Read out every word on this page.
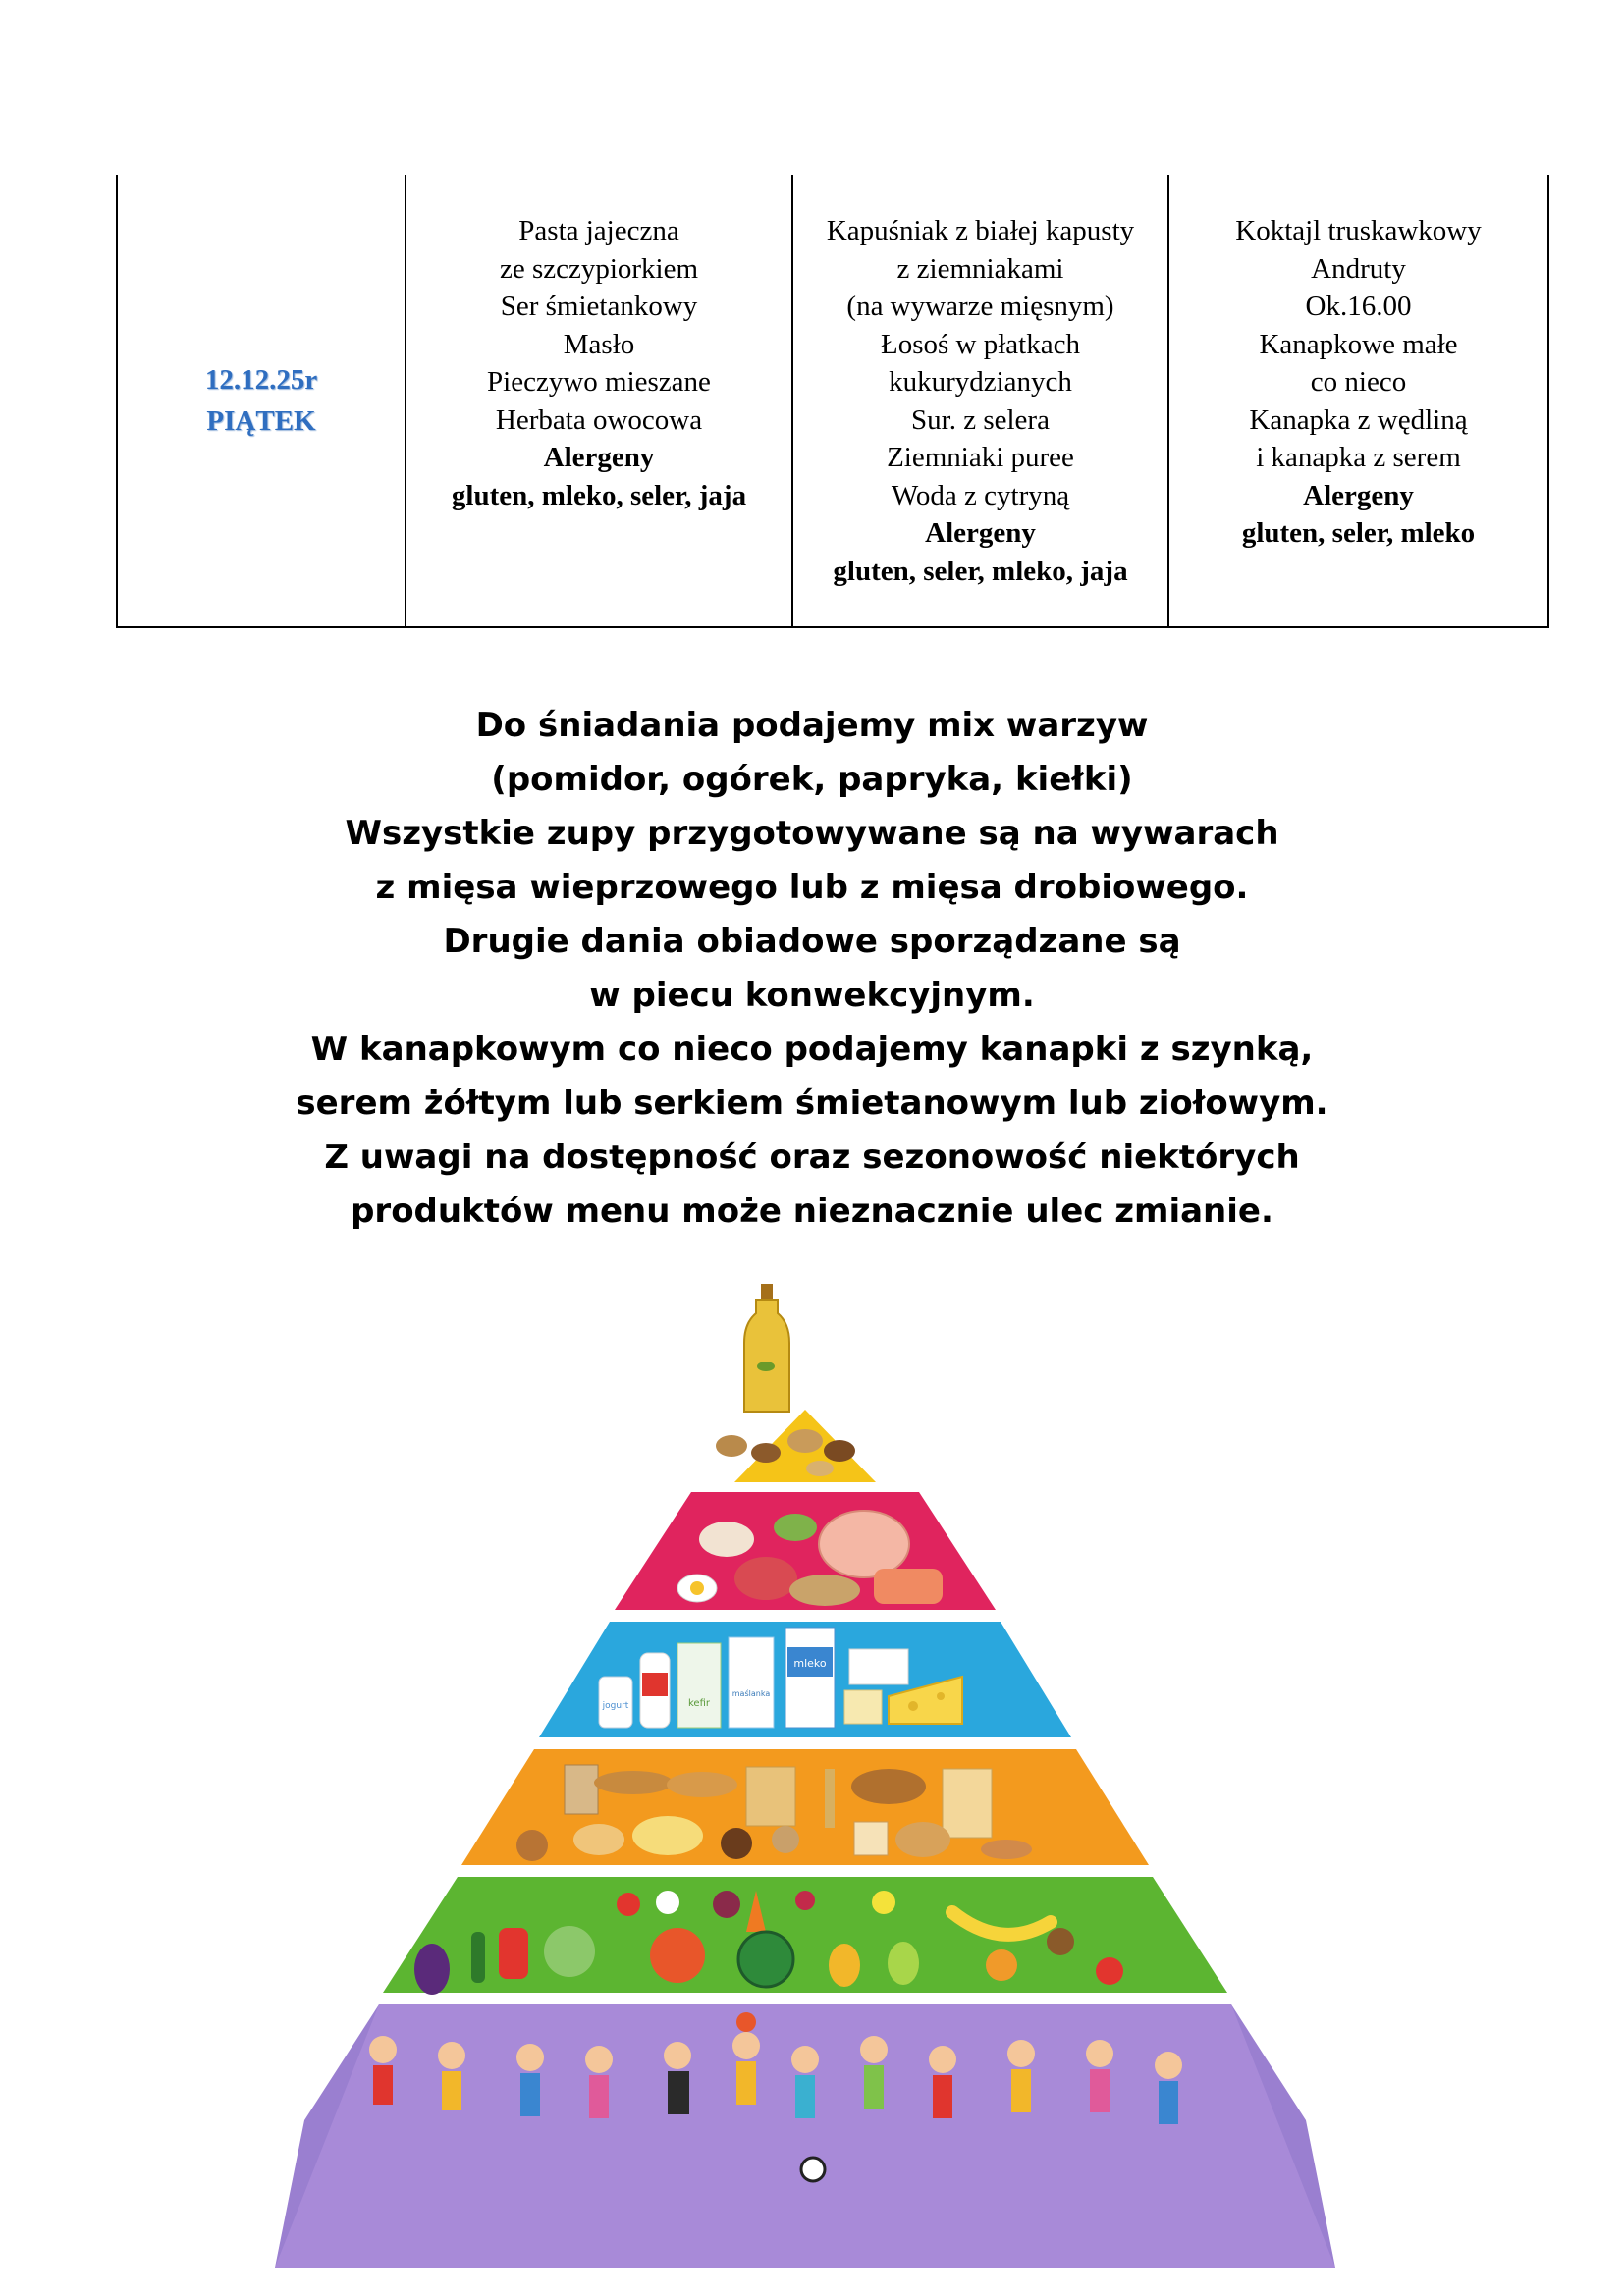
12.12.25r
PIĄTEK

Pasta jajeczna
ze szczypiorkiem
Ser śmietankowy
Masło
Pieczywo mieszane
Herbata owocowa
Alergeny
gluten, mleko, seler, jaja

Kapuśniak z białej kapusty
z ziemniakami
(na wywarze mięsnym)
Łosoś w płatkach
kukurydzianych
Sur. z selera
Ziemniaki puree
Woda z cytryną
Alergeny
gluten, seler, mleko, jaja

Koktajl truskawkowy
Andruty
Ok.16.00
Kanapkowe małe
co nieco
Kanapka z wędliną
i kanapka z serem
Alergeny
gluten, seler, mleko
Do śniadania podajemy mix warzyw
(pomidor, ogórek, papryka, kiełki)
Wszystkie zupy przygotowywane są na wywarach
z mięsa wieprzowego lub z mięsa drobiowego.
Drugie dania obiadowe sporządzane są
w piecu konwekcyjnym.
W kanapkowym co nieco podajemy kanapki z szynką,
serem żółtym lub serkiem śmietanowym lub ziołowym.
Z uwagi na dostępność oraz sezonowość niektórych
produktów menu może nieznacznie ulec zmianie.
jogurt	kefir
maślanka
mleko
